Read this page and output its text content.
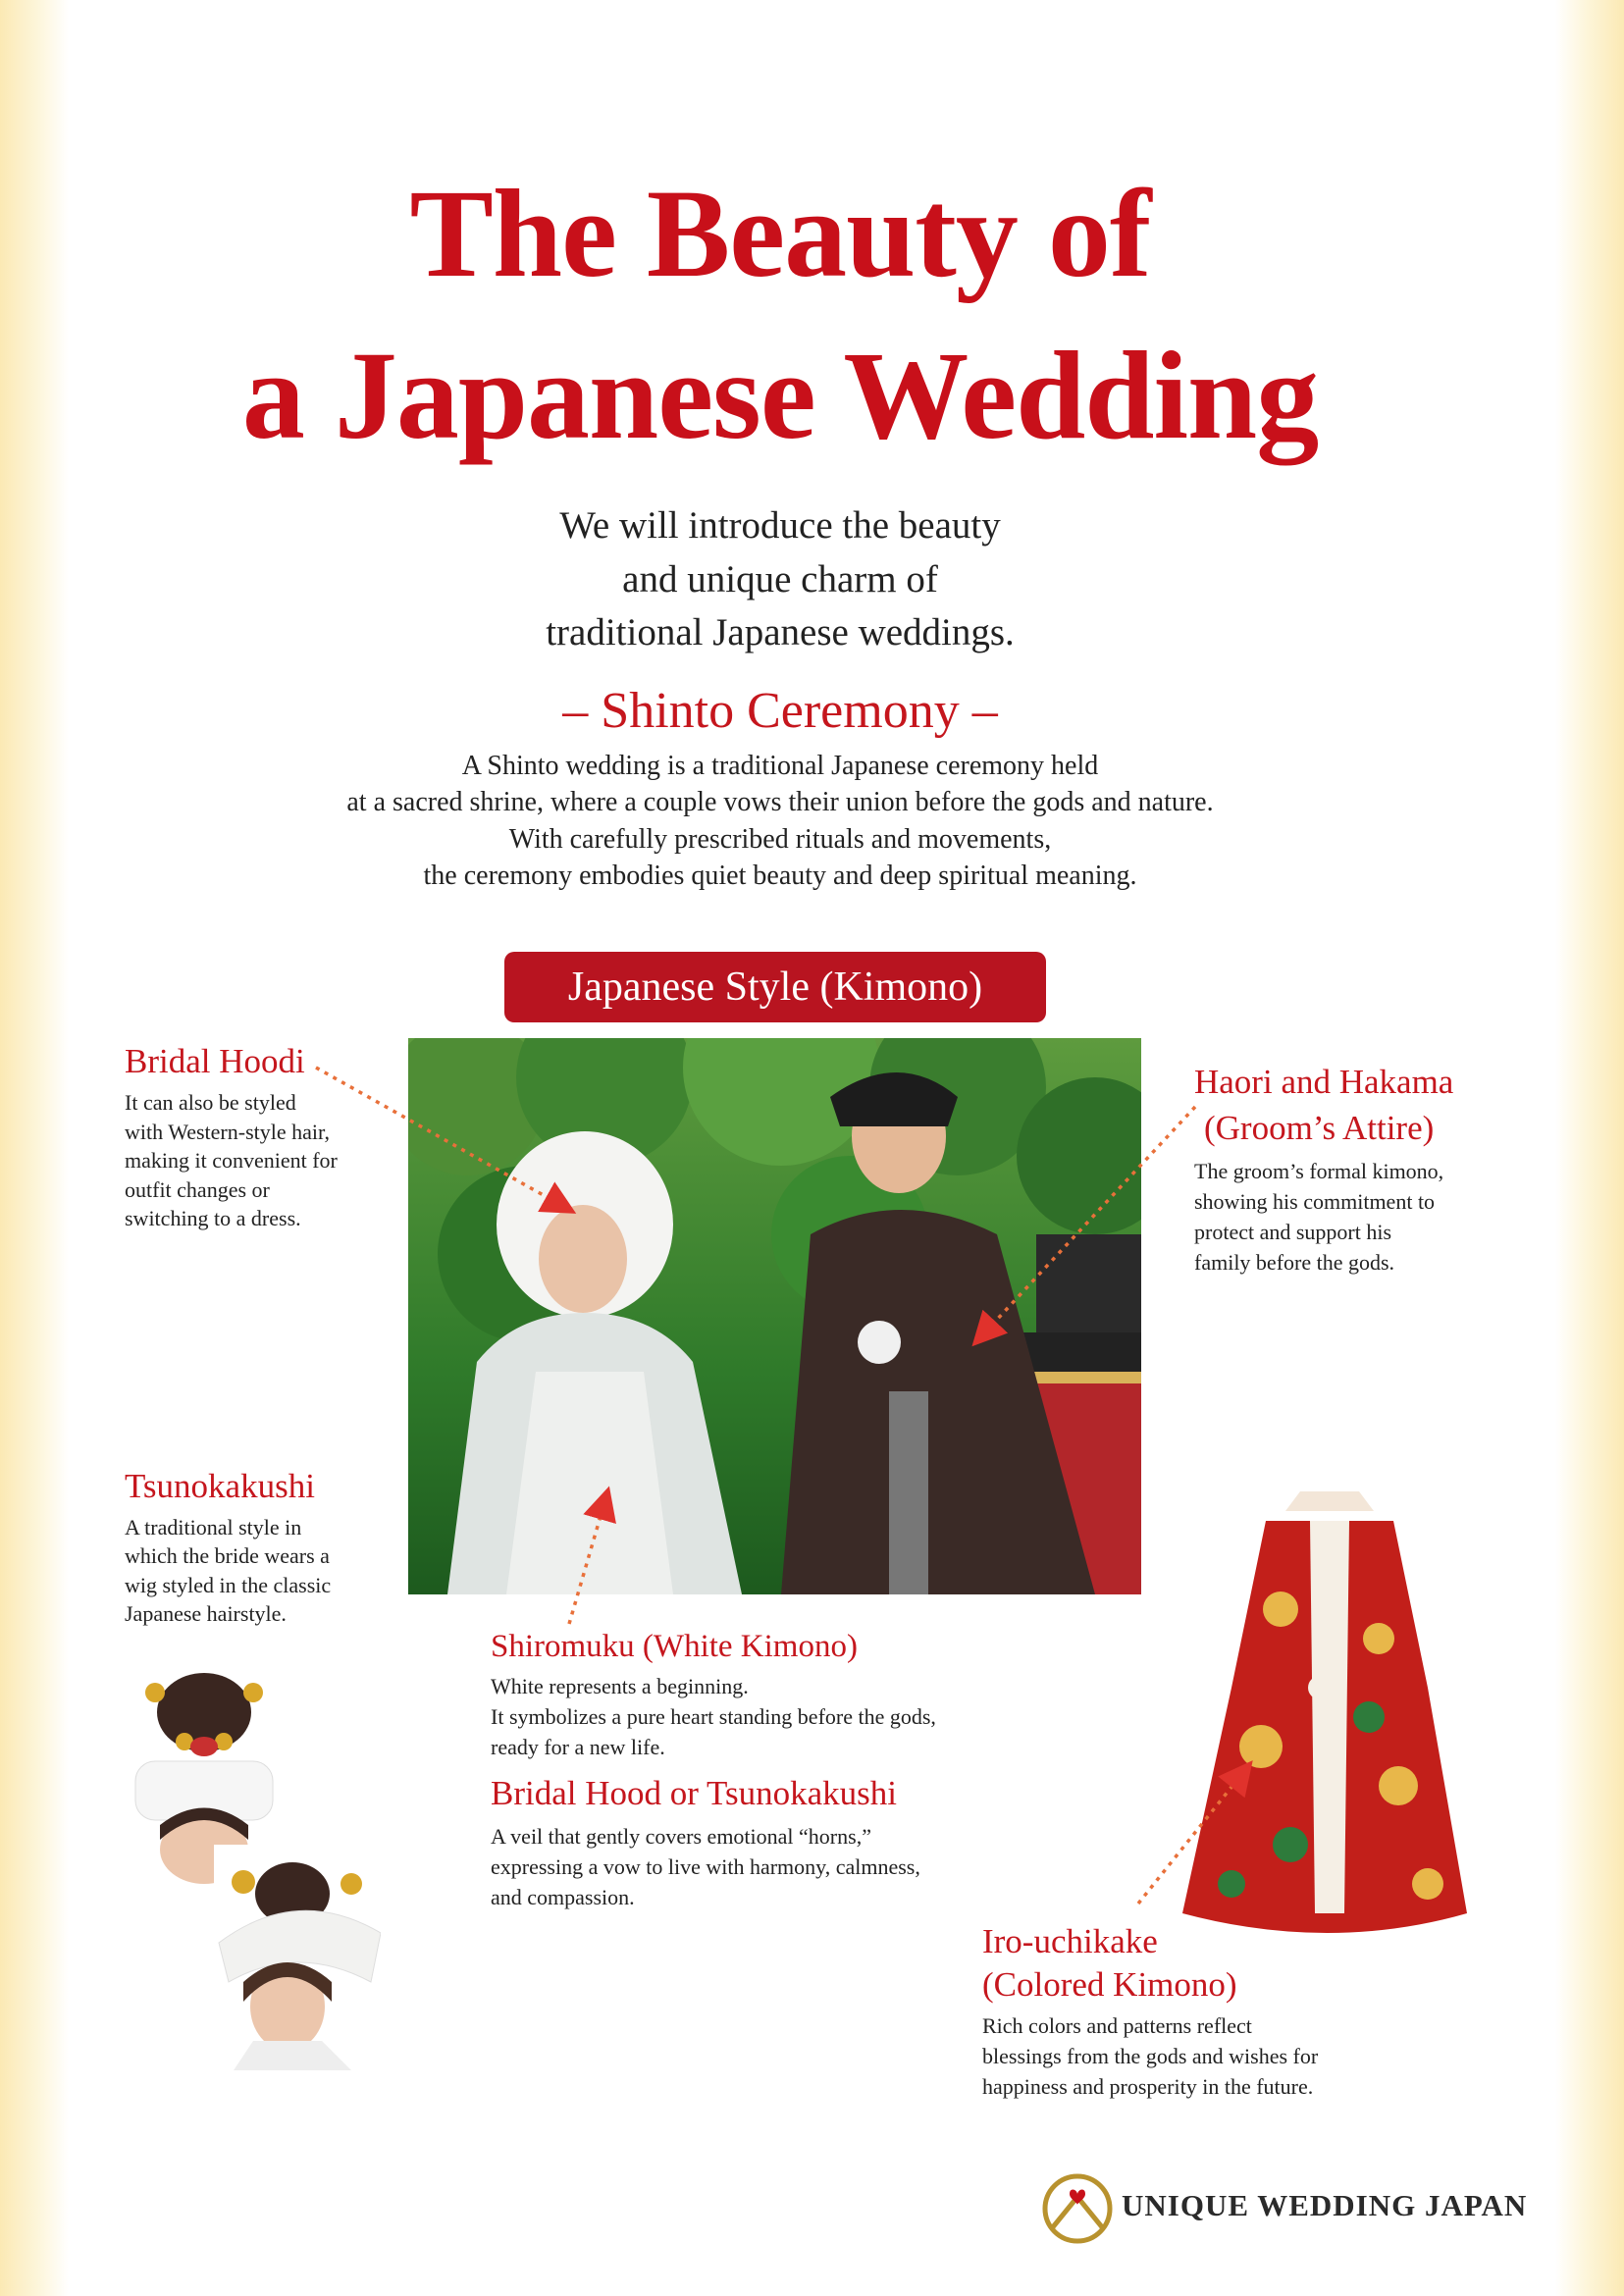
The Beauty of
a Japanese Wedding
We will introduce the beauty
and unique charm of
traditional Japanese weddings.
– Shinto Ceremony –
A Shinto wedding is a traditional Japanese ceremony held
at a sacred shrine, where a couple vows their union before the gods and nature.
With carefully prescribed rituals and movements,
the ceremony embodies quiet beauty and deep spiritual meaning.
Japanese Style (Kimono)
Bridal Hoodi
It can also be styled
with Western-style hair,
making it convenient for
outfit changes or
switching to a dress.
Haori and Hakama
(Groom’s Attire)
The groom’s formal kimono,
showing his commitment to
protect and support his
family before the gods.
Tsunokakushi
A traditional style in
which the bride wears a
wig styled in the classic
Japanese hairstyle.
Shiromuku (White Kimono)
White represents a beginning.
It symbolizes a pure heart standing before the gods,
ready for a new life.
Bridal Hood or Tsunokakushi
A veil that gently covers emotional “horns,”
expressing a vow to live with harmony, calmness,
and compassion.
Iro-uchikake
(Colored Kimono)
Rich colors and patterns reflect
blessings from the gods and wishes for
happiness and prosperity in the future.
UNIQUE WEDDING JAPAN
